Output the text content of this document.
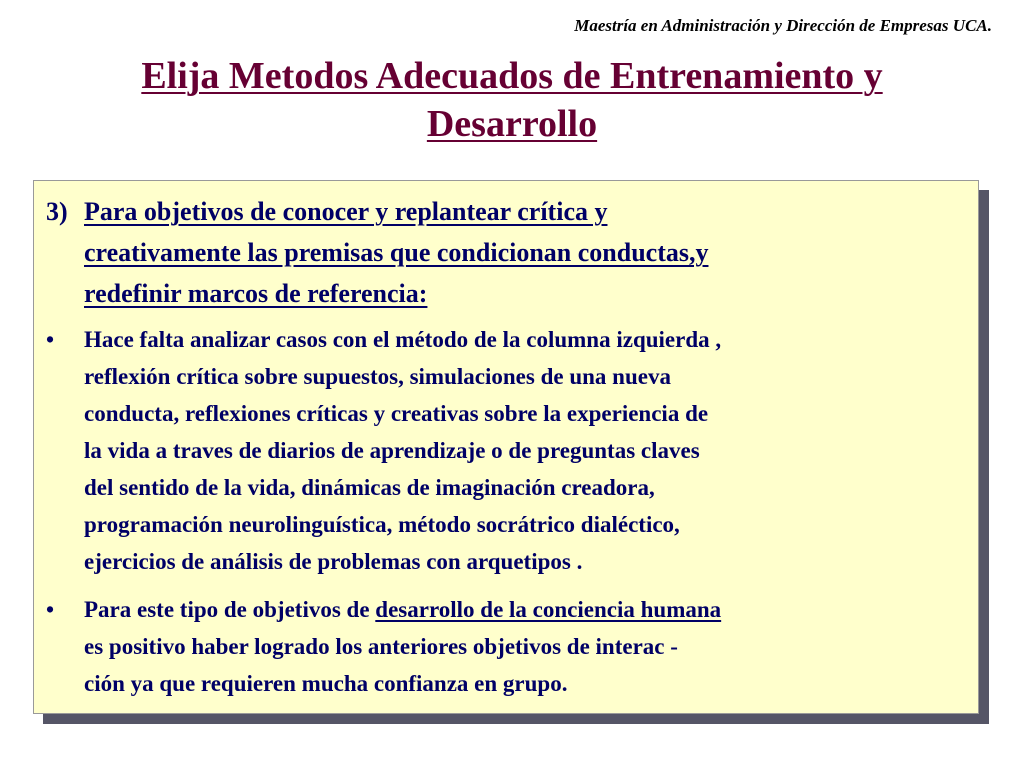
Maestría en Administración y Dirección de Empresas UCA.
Elija Metodos Adecuados de Entrenamiento y
Desarrollo
3) Para objetivos de conocer y replantear crítica y
creativamente las premisas que condicionan conductas,y
redefinir marcos de referencia:
• Hace falta analizar casos con el método de la columna izquierda ,
reflexión crítica sobre supuestos, simulaciones de una nueva
conducta, reflexiones críticas y creativas sobre la experiencia de
la vida a traves de diarios de aprendizaje o de preguntas claves
del sentido de la vida, dinámicas de imaginación creadora,
programación neurolinguística, método socrátrico dialéctico,
ejercicios de análisis de problemas con arquetipos .
• Para este tipo de objetivos de desarrollo de la conciencia humana
es positivo haber logrado los anteriores objetivos de interac -
ción ya que requieren mucha confianza en grupo.
